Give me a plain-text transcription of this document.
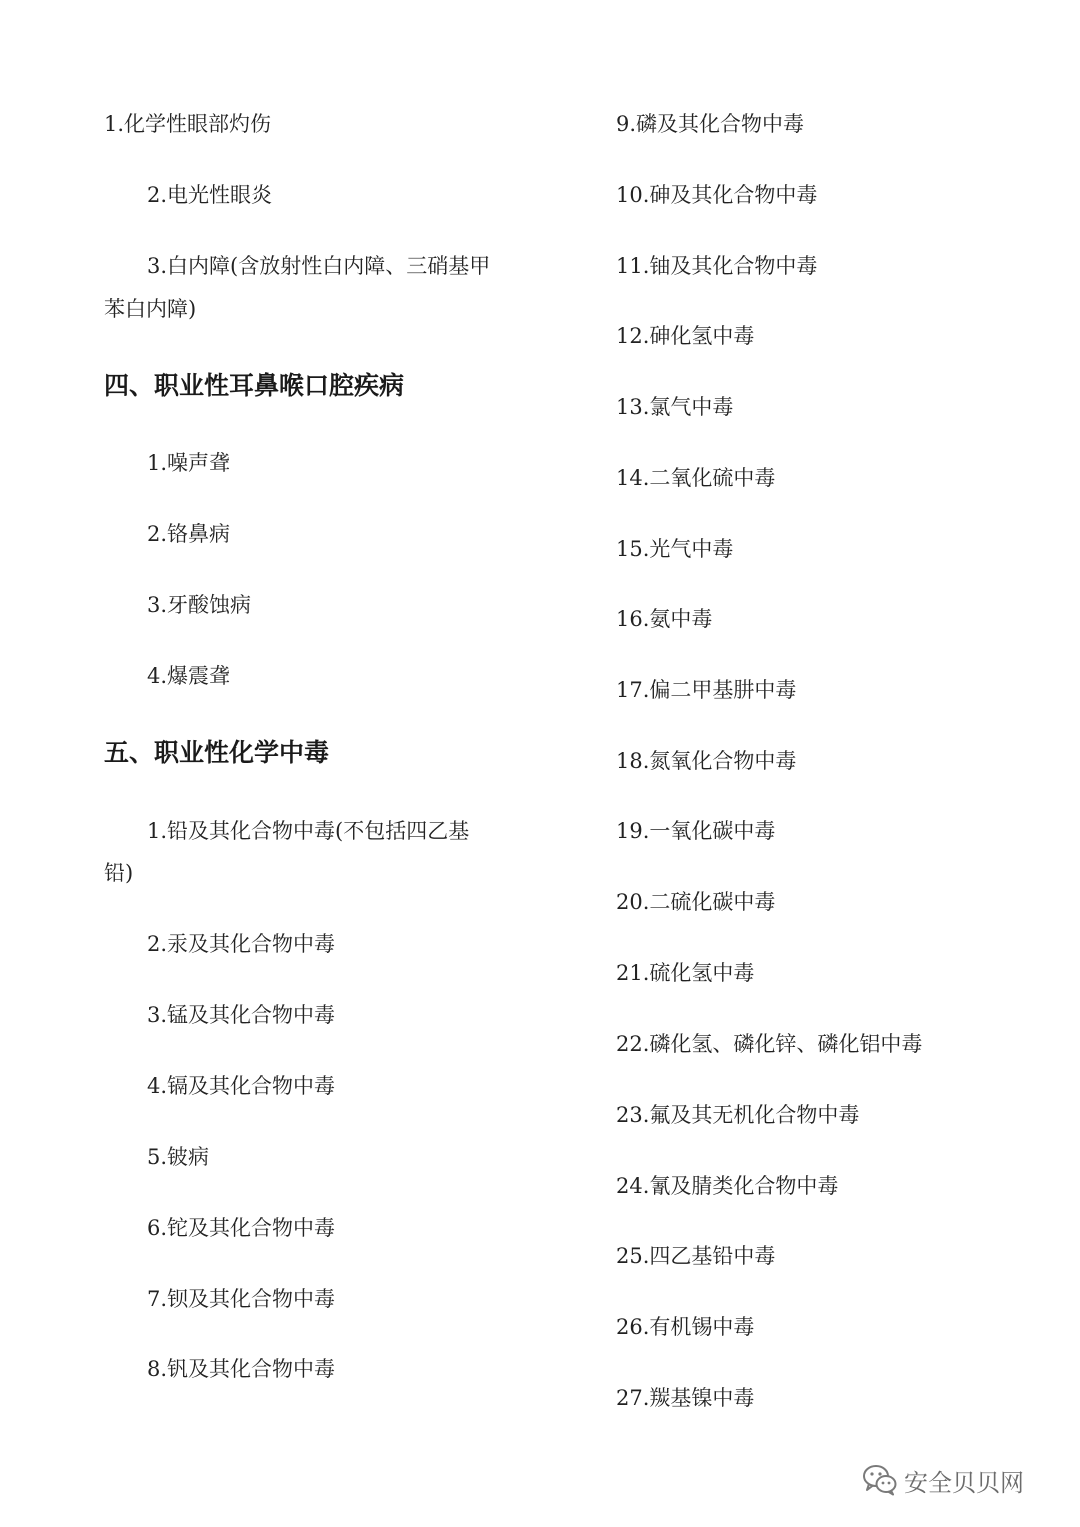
1.化学性眼部灼伤
2.电光性眼炎
3.白内障(含放射性白内障、三硝基甲
苯白内障)
四、职业性耳鼻喉口腔疾病
1.噪声聋
2.铬鼻病
3.牙酸蚀病
4.爆震聋
五、职业性化学中毒
1.铅及其化合物中毒(不包括四乙基
铅)
2.汞及其化合物中毒
3.锰及其化合物中毒
4.镉及其化合物中毒
5.铍病
6.铊及其化合物中毒
7.钡及其化合物中毒
8.钒及其化合物中毒
9.磷及其化合物中毒
10.砷及其化合物中毒
11.铀及其化合物中毒
12.砷化氢中毒
13.氯气中毒
14.二氧化硫中毒
15.光气中毒
16.氨中毒
17.偏二甲基肼中毒
18.氮氧化合物中毒
19.一氧化碳中毒
20.二硫化碳中毒
21.硫化氢中毒
22.磷化氢、磷化锌、磷化铝中毒
23.氟及其无机化合物中毒
24.氰及腈类化合物中毒
25.四乙基铅中毒
26.有机锡中毒
27.羰基镍中毒
安全贝贝网
